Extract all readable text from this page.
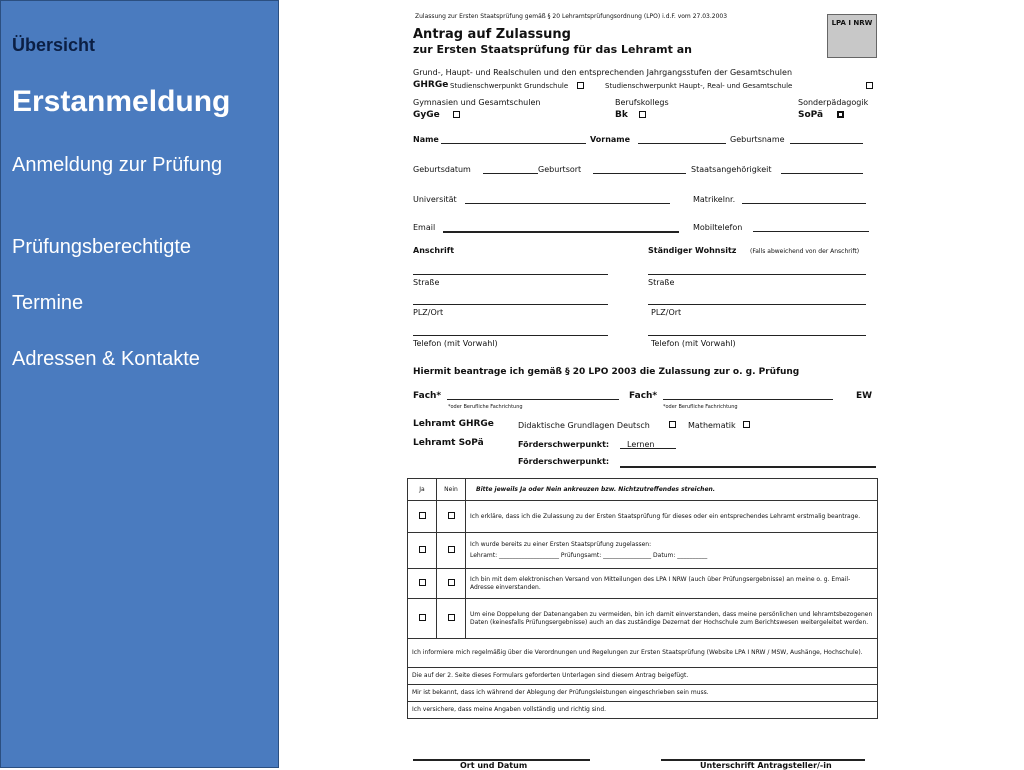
Übersicht
Erstanmeldung
Anmeldung zur Prüfung
Prüfungsberechtigte
Termine
Adressen & Kontakte
Zulassung zur Ersten Staatsprüfung gemäß § 20 Lehramtsprüfungsordnung (LPO) i.d.F. vom 27.03.2003
LPA I NRW
Antrag auf Zulassung
zur Ersten Staatsprüfung für das Lehramt an
Grund-, Haupt- und Realschulen und den entsprechenden Jahrgangsstufen der Gesamtschulen
GHRGe Studienschwerpunkt Grundschule	Studienschwerpunkt Haupt-, Real- und Gesamtschule
Gymnasien und Gesamtschulen
GyGe
Berufskollegs
Bk
Sonderpädagogik
SoPä
Name	Vorname	Geburtsname
Geburtsdatum	Geburtsort	Staatsangehörigkeit
Universität	Matrikelnr.
Email	Mobiltelefon
Anschrift	Ständiger Wohnsitz (Falls abweichend von der Anschrift)
Straße	Straße
PLZ/Ort	PLZ/Ort
Telefon (mit Vorwahl)	Telefon (mit Vorwahl)
Hiermit beantrage ich gemäß § 20 LPO 2003 die Zulassung zur o. g. Prüfung
Fach*	Fach*	EW
*oder Berufliche Fachrichtung	*oder Berufliche Fachrichtung
Lehramt GHRGe	Didaktische Grundlagen Deutsch	Mathematik
Lehramt SoPä	Förderschwerpunkt: Lernen
Förderschwerpunkt:
Ja	Nein	Bitte jeweils Ja oder Nein ankreuzen bzw. Nichtzutreffendes streichen.
		Ich erkläre, dass ich die Zulassung zu der Ersten Staatsprüfung für dieses oder ein entsprechendes Lehramt erstmalig beantrage.

		Ich wurde bereits zu einer Ersten Staatsprüfung zugelassen:
Lehramt: ____________________ Prüfungsamt: ________________ Datum: __________

		Ich bin mit dem elektronischen Versand von Mitteilungen des LPA I NRW (auch über Prüfungsergebnisse) an meine o. g. Email-Adresse einverstanden.
		Um eine Doppelung der Datenangaben zu vermeiden, bin ich damit einverstanden, dass meine persönlichen und lehramtsbezogenen Daten (keinesfalls Prüfungsergebnisse) auch an das zuständige Dezernat der Hochschule zum Berichtswesen weitergeleitet werden.
Ich informiere mich regelmäßig über die Verordnungen und Regelungen zur Ersten Staatsprüfung (Website LPA I NRW / MSW, Aushänge, Hochschule).		
Die auf der 2. Seite dieses Formulars geforderten Unterlagen sind diesem Antrag beigefügt.		
Mir ist bekannt, dass ich während der Ablegung der Prüfungsleistungen eingeschrieben sein muss.		
Ich versichere, dass meine Angaben vollständig und richtig sind.		
Ort und Datum	Unterschrift Antragsteller/-in
